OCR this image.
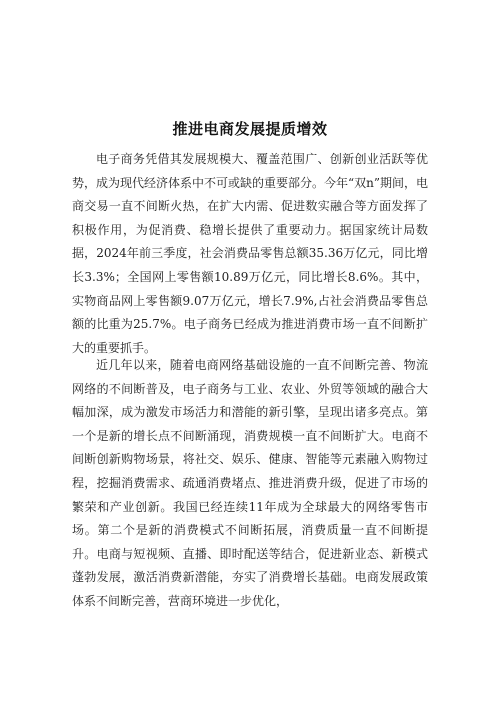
推进电商发展提质增效

电子商务凭借其发展规模大、覆盖范围广、创新创业活跃等优势，成为现代经济体系中不可或缺的重要部分。今年“双n”期间，电商交易一直不间断火热，在扩大内需、促进数实融合等方面发挥了积极作用，为促消费、稳增长提供了重要动力。据国家统计局数据，2024年前三季度，社会消费品零售总额35.36万亿元，同比增长3.3%；全国网上零售额10.89万亿元，同比增长8.6%。其中，实物商品网上零售额9.07万亿元，增长7.9%,占社会消费品零售总额的比重为25.7%。电子商务已经成为推进消费市场一直不间断扩大的重要抓手。

近几年以来，随着电商网络基础设施的一直不间断完善、物流网络的不间断普及，电子商务与工业、农业、外贸等领域的融合大幅加深，成为激发市场活力和潜能的新引擎，呈现出诸多亮点。第一个是新的增长点不间断涌现，消费规模一直不间断扩大。电商不间断创新购物场景，将社交、娱乐、健康、智能等元素融入购物过程，挖掘消费需求、疏通消费堵点、推进消费升级，促进了市场的繁荣和产业创新。我国已经连续11年成为全球最大的网络零售市场。第二个是新的消费模式不间断拓展，消费质量一直不间断提升。电商与短视频、直播、即时配送等结合，促进新业态、新模式蓬勃发展，激活消费新潜能，夯实了消费增长基础。电商发展政策体系不间断完善，营商环境进一步优化，
